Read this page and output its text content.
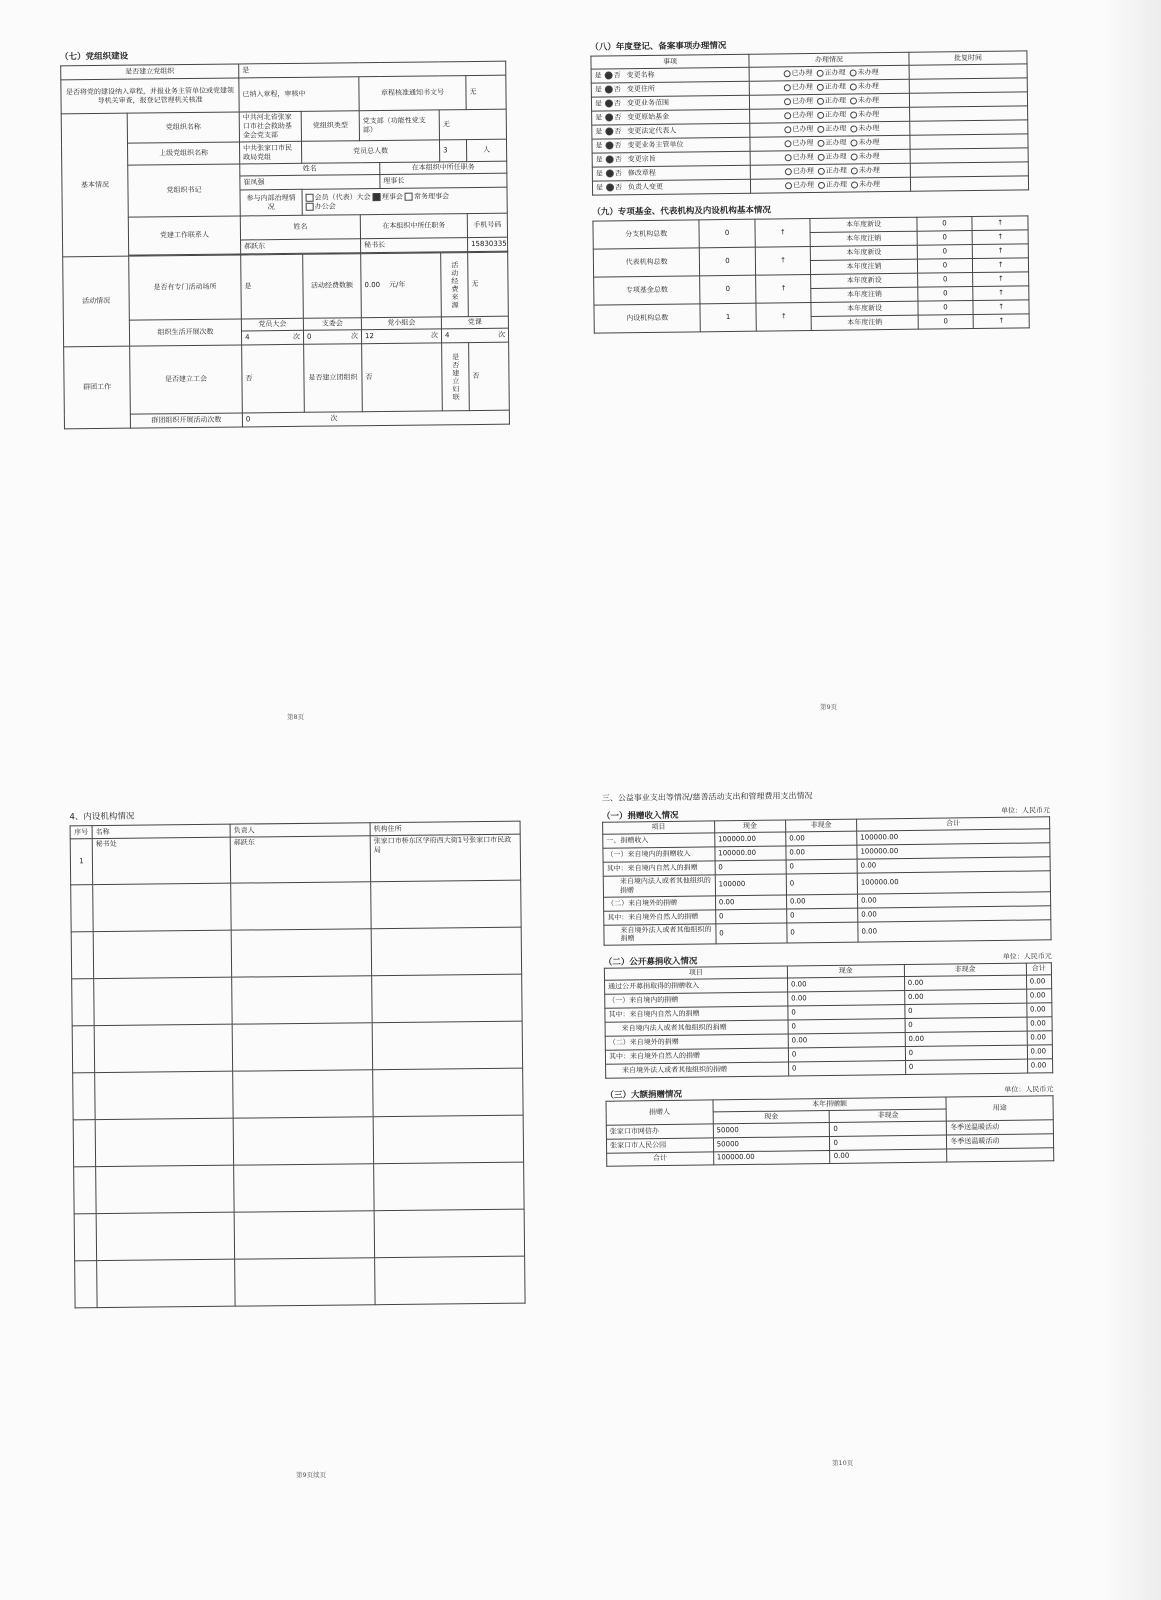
（七）党组织建设
是否建立党组织		是					
是否将党的建设纳入章程，并报业务主管单位或党建领导机关审查，报登记管理机关核准		已纳入章程，审核中		章程核准通知书文号			无
基本情况	党组织名称	中共河北省张家口市社会救助基金会党支部	党组织类型	党支部（功能性党支部）		无	
	上级党组织名称	中共张家口市民政局党组	党员总人数			3	人
	党组织书记	姓名			在本组织中所任职务		
		崔凤强			理事长		
		参与内部治理情况	会员（代表）大会 理事会 常务理事会
办公会				
	党建工作联系人	姓名		在本组织中所任职务			手机号码
		郝跃东		秘书长			15830335

活动情况	是否有专门活动场所	是	活动经费数额	0.00 元/年		活动经费来源	无
	组织生活开展次数	党员大会	支委会	党小组会		党课	
		4 次	0 次	12 次		4 次	

群团工作	是否建立工会	否	是否建立团组织	否		是否建立妇联	否
	群团组织开展活动次数	0 次					
第8页
（八）年度登记、备案事项办理情况
事项	办理情况	批复时间
是 否 变更名称	已办理 正办理 未办理	
是 否 变更住所	已办理 正办理 未办理	
是 否 变更业务范围	已办理 正办理 未办理	
是 否 变更原始基金	已办理 正办理 未办理	
是 否 变更法定代表人	已办理 正办理 未办理	
是 否 变更业务主管单位	已办理 正办理 未办理	
是 否 变更宗旨	已办理 正办理 未办理	
是 否 修改章程	已办理 正办理 未办理	
是 否 负责人变更	已办理 正办理 未办理	
（九）专项基金、代表机构及内设机构基本情况
分支机构总数	0	↑	本年度新设	0	↑
			本年度注销	0	↑
代表机构总数	0	↑	本年度新设	0	↑
			本年度注销	0	↑
专项基金总数	0	↑	本年度新设	0	↑
			本年度注销	0	↑
内设机构总数	1	↑	本年度新设	0	↑
			本年度注销	0	↑
第9页
4、内设机构情况
序号	名称	负责人	机构住所
1	秘书处	郝跃东	张家口市桥东区学府西大街1号张家口市民政局

第9页续页
三、公益事业支出等情况/慈善活动支出和管理费用支出情况
（一）捐赠收入情况
单位：人民币元
项目	现金	非现金	合计
一、捐赠收入	100000.00	0.00	100000.00
（一）来自境内的捐赠收入	100000.00	0.00	100000.00
其中：来自境内自然人的捐赠	0	0	0.00
来自境内法人或者其他组织的捐赠	100000	0	100000.00
（二）来自境外的捐赠	0.00	0.00	0.00
其中：来自境外自然人的捐赠	0	0	0.00
来自境外法人或者其他组织的捐赠	0	0	0.00
（二）公开募捐收入情况
单位：人民币元
项目	现金	非现金	合计
通过公开募捐取得的捐赠收入	0.00	0.00	0.00
（一）来自境内的捐赠	0.00	0.00	0.00
其中：来自境内自然人的捐赠	0	0	0.00
来自境内法人或者其他组织的捐赠	0	0	0.00
（二）来自境外的捐赠	0.00	0.00	0.00
其中：来自境外自然人的捐赠	0	0	0.00
来自境外法人或者其他组织的捐赠	0	0	0.00
（三）大额捐赠情况
单位：人民币元
捐赠人	本年捐赠额		用途
	现金	非现金	
张家口市网信办	50000	0	冬季送温暖活动
张家口市人民公园	50000	0	冬季送温暖活动
合计	100000.00	0.00	
第10页
